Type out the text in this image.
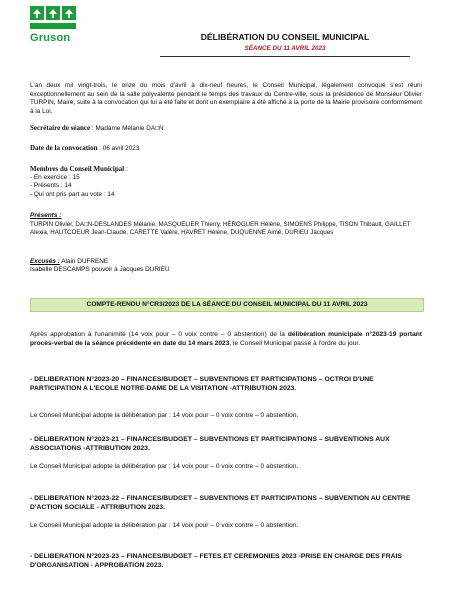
Gruson	DÉLIBÉRATION DU CONSEIL MUNICIPAL
SÉANCE DU 11 AVRIL 2023
L'an deux mil vingt-trois, le onze du mois d'avril à dix-neuf heures, le Conseil Municipal, légalement convoqué s'est réuni exceptionnellement au sein de la salle polyvalente pendant le temps des travaux du Centre-ville, sous la présidence de Monsieur Olivier TURPIN, Maire, suite à la convocation qui lui a été faite et dont un exemplaire a été affiché à la porte de la Mairie provisoire conformément à la Loi.
Secrétaire de séance : Madame Mélanie DA□N
Date de la convocation : 06 avril 2023
Membres du Conseil Municipal :
- En exercice : 15
- Présents : 14
- Qui ont pris part au vote : 14
Présents :
TURPIN Olivier, DA□N-DESLANDES Mélanie, MASQUELIER Thierry, HÉROGUER Hélène, SIMOENS Philippe, TISON Thibault, GAILLET Alexia, HAUTCOEUR Jean-Claude, CARETTE Valère, HAVRET Hélène, DUQUENNE Aimé, DURIEU Jacques
Excusés : Alain DUFRENE
Isabelle DESCAMPS pouvoir à Jacques DURIEU
COMPTE-RENDU N°CR3/2023 DE LA SÉANCE DU CONSEIL MUNICIPAL DU 11 AVRIL 2023
Après approbation à l'unanimité (14 voix pour – 0 voix contre – 0 abstention) de la délibération municipale n°2023-19 portant procès-verbal de la séance précédente en date du 14 mars 2023, le Conseil Municipal passe à l'ordre du jour.
- DELIBERATION N°2023-20 – FINANCES/BUDGET – SUBVENTIONS ET PARTICIPATIONS – OCTROI D'UNE PARTICIPATION A L'ECOLE NOTRE-DAME DE LA VISITATION -ATTRIBUTION 2023.
Le Conseil Municipal adopte la délibération par : 14 voix pour – 0 voix contre – 0 abstention.
- DELIBERATION N°2023-21 – FINANCES/BUDGET – SUBVENTIONS ET PARTICIPATIONS – SUBVENTIONS AUX ASSOCIATIONS -ATTRIBUTION 2023.
Le Conseil Municipal adopte la délibération par : 14 voix pour – 0 voix contre – 0 abstention.
- DELIBERATION N°2023-22 – FINANCES/BUDGET – SUBVENTIONS ET PARTICIPATIONS – SUBVENTION AU CENTRE D'ACTION SOCIALE - ATTRIBUTION 2023.
Le Conseil Municipal adopte la délibération par : 14 voix pour – 0 voix contre – 0 abstention.
- DELIBERATION N°2023-23 – FINANCES/BUDGET – FETES ET CEREMONIES 2023 -PRISE EN CHARGE DES FRAIS D'ORGANISATION - APPROBATION 2023.
